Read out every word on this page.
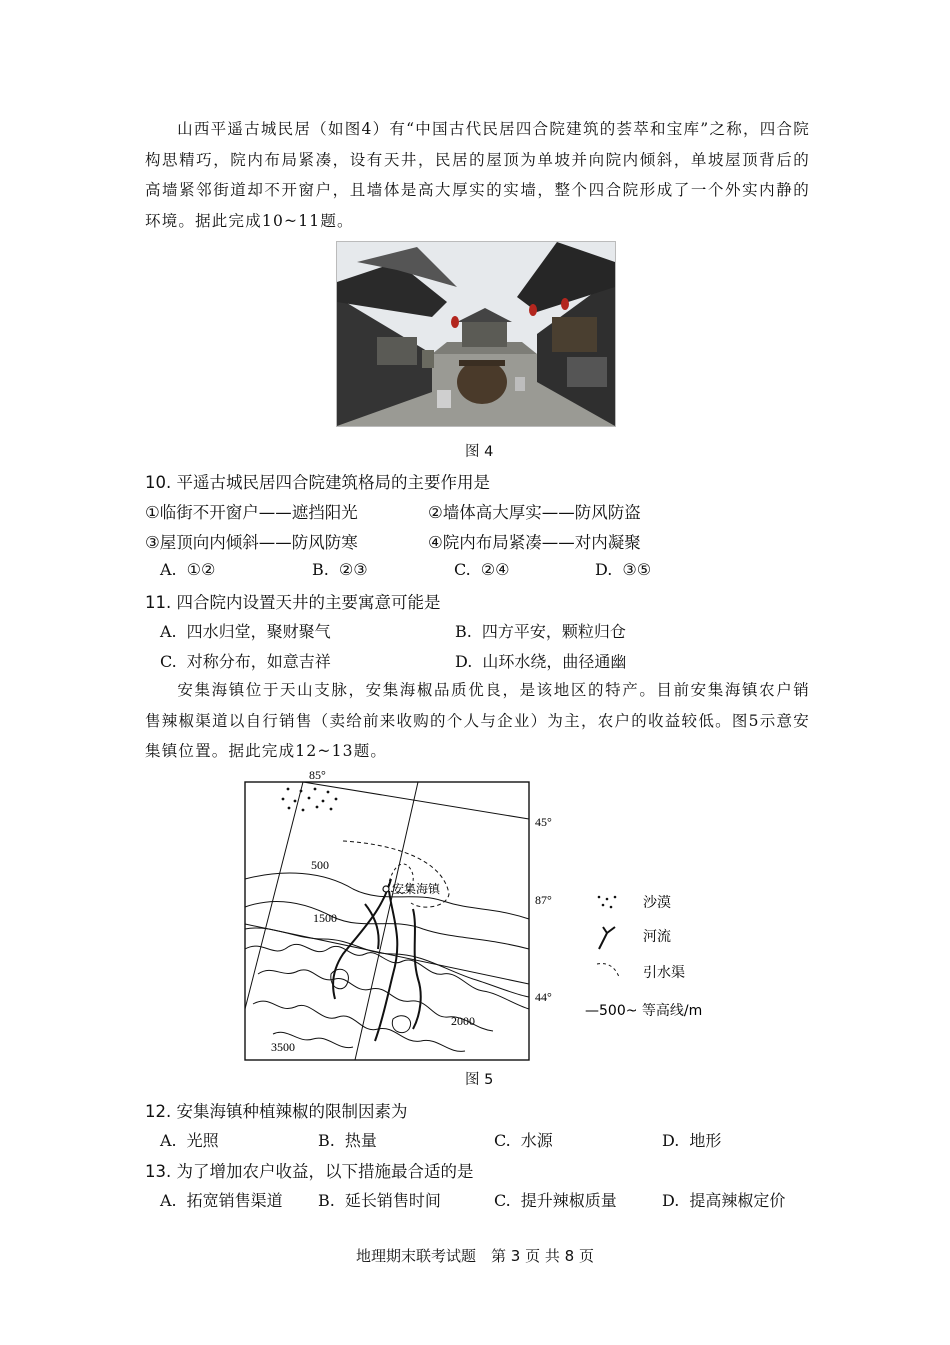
山西平遥古城民居（如图4）有“中国古代民居四合院建筑的荟萃和宝库”之称，四合院构思精巧，院内布局紧凑，设有天井，民居的屋顶为单坡并向院内倾斜，单坡屋顶背后的高墙紧邻街道却不开窗户，且墙体是高大厚实的实墙，整个四合院形成了一个外实内静的环境。据此完成10~11题。
图 4
10. 平遥古城民居四合院建筑格局的主要作用是
①临街不开窗户——遮挡阳光	②墙体高大厚实——防风防盗
③屋顶向内倾斜——防风防寒	④院内布局紧凑——对内凝聚
A. ①②	B. ②③	C. ②④	D. ③⑤
11. 四合院内设置天井的主要寓意可能是
A. 四水归堂，聚财聚气	B. 四方平安，颗粒归仓
C. 对称分布，如意吉祥	D. 山环水绕，曲径通幽
安集海镇位于天山支脉，安集海椒品质优良，是该地区的特产。目前安集海镇农户销售辣椒渠道以自行销售（卖给前来收购的个人与企业）为主，农户的收益较低。图5示意安集镇位置。据此完成12~13题。
85°
45°
87°
44°
500
1500
2000
3500
安集海镇
沙漠
河流
引水渠
—500~ 等高线/m
图 5
12. 安集海镇种植辣椒的限制因素为
A. 光照	B. 热量	C. 水源	D. 地形
13. 为了增加农户收益，以下措施最合适的是
A. 拓宽销售渠道 B. 延长销售时间	C. 提升辣椒质量	D. 提高辣椒定价
地理期末联考试题　第 3 页 共 8 页
